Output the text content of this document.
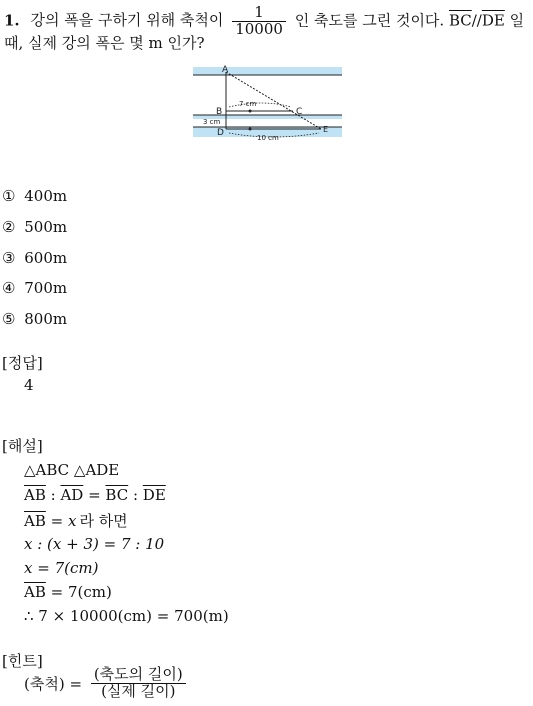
1. 강의 폭을 구하기 위해 축척이 $\frac{1}{10000}$ 인 축도를 그린 것이다. $\overline{BC}//\overline{DE}$ 일
때, 실제 강의 폭은 몇 m 인가?
A
B	C
D	E
7 cm
3 cm
10 cm
① 400m
② 500m
③ 600m
④ 700m
⑤ 800m
[정답]
4
[해설]
△ABC △ADE
$\overline{AB}$ : $\overline{AD} = \overline{BC}$ : $\overline{DE}$
$\overline{AB} = x$ 라 하면
x : (x + 3) = 7 : 10
x = 7(cm)
$\overline{AB} = 7(cm)$
∴ 7 × 10000(cm) = 700(m)
[힌트]
(축척) = $\frac{\text{(축도의 길이)}}{\text{(실제 길이)}}$
